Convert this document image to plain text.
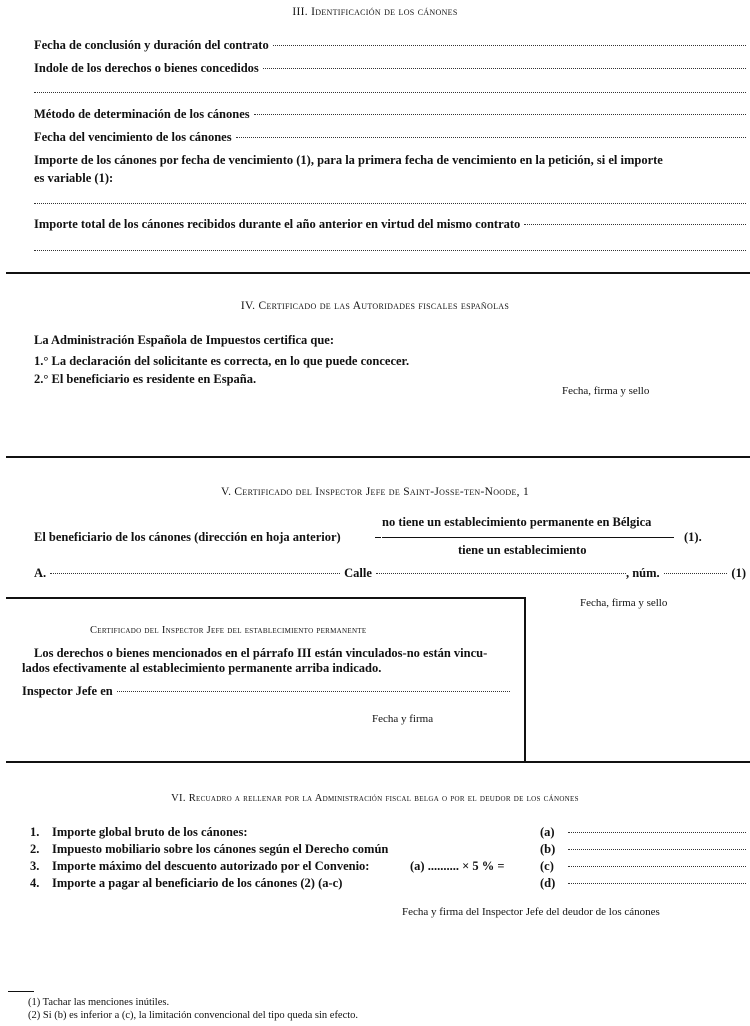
III. Identificación de los cánones
Fecha de conclusión y duración del contrato
Indole de los derechos o bienes concedidos
Método de determinación de los cánones
Fecha del vencimiento de los cánones
Importe de los cánones por fecha de vencimiento (1), para la primera fecha de vencimiento en la petición, si el importe
es variable (1):
Importe total de los cánones recibidos durante el año anterior en virtud del mismo contrato
IV. Certificado de las Autoridades fiscales españolas
La Administración Española de Impuestos certifica que:
1.° La declaración del solicitante es correcta, en lo que puede concecer.
2.° El beneficiario es residente en España.
Fecha, firma y sello
V. Certificado del Inspector Jefe de Saint-Josse-ten-Noode, 1
no tiene un establecimiento permanente en Bélgica
El beneficiario de los cánones (dirección en hoja anterior)	(1).
tiene un establecimiento
A.	Calle	, núm.	(1)
Fecha, firma y sello
Certificado del Inspector Jefe del establecimiento permanente
Los derechos o bienes mencionados en el párrafo III están vinculados-no están vincu-
lados efectivamente al establecimiento permanente arriba indicado.
Inspector Jefe en
Fecha y firma
VI. Recuadro a rellenar por la Administración fiscal belga o por el deudor de los cánones
1.	Importe global bruto de los cánones:	(a)
2.	Impuesto mobiliario sobre los cánones según el Derecho común	(b)
3.	Importe máximo del descuento autorizado por el Convenio:	(a) .......... × 5 % =	(c)
4.	Importe a pagar al beneficiario de los cánones (2) (a-c)	(d)
Fecha y firma del Inspector Jefe del deudor de los cánones
(1) Tachar las menciones inútiles.
(2) Si (b) es inferior a (c), la limitación convencional del tipo queda sin efecto.
